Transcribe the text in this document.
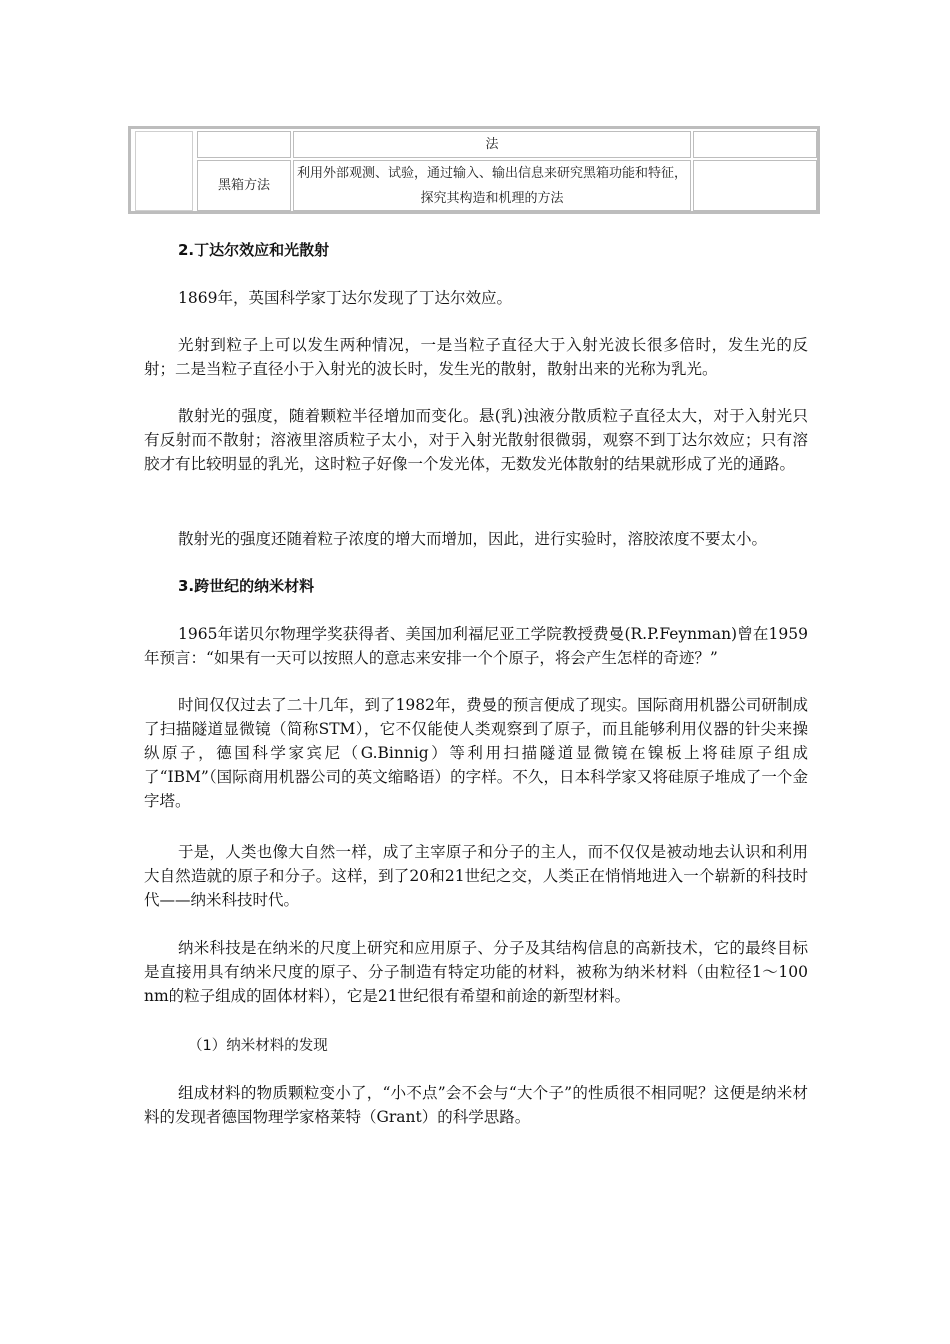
法
黑箱方法
利用外部观测、试验，通过输入、输出信息来研究黑箱功能和特征，探究其构造和机理的方法

2.丁达尔效应和光散射

1869年，英国科学家丁达尔发现了丁达尔效应。

光射到粒子上可以发生两种情况，一是当粒子直径大于入射光波长很多倍时，发生光的反射；二是当粒子直径小于入射光的波长时，发生光的散射，散射出来的光称为乳光。

散射光的强度，随着颗粒半径增加而变化。悬(乳)浊液分散质粒子直径太大，对于入射光只有反射而不散射；溶液里溶质粒子太小，对于入射光散射很微弱，观察不到丁达尔效应；只有溶胶才有比较明显的乳光，这时粒子好像一个发光体，无数发光体散射的结果就形成了光的通路。

散射光的强度还随着粒子浓度的增大而增加，因此，进行实验时，溶胶浓度不要太小。

3.跨世纪的纳米材料

1965年诺贝尔物理学奖获得者、美国加利福尼亚工学院教授费曼(R.P.Feynman)曾在1959年预言：“如果有一天可以按照人的意志来安排一个个原子，将会产生怎样的奇迹？”

时间仅仅过去了二十几年，到了1982年，费曼的预言便成了现实。国际商用机器公司研制成了扫描隧道显微镜（简称STM），它不仅能使人类观察到了原子，而且能够利用仪器的针尖来操纵原子，德国科学家宾尼（G.Binnig）等利用扫描隧道显微镜在镍板上将硅原子组成了“IBM”（国际商用机器公司的英文缩略语）的字样。不久，日本科学家又将硅原子堆成了一个金字塔。

于是，人类也像大自然一样，成了主宰原子和分子的主人，而不仅仅是被动地去认识和利用大自然造就的原子和分子。这样，到了20和21世纪之交，人类正在悄悄地进入一个崭新的科技时代——纳米科技时代。

纳米科技是在纳米的尺度上研究和应用原子、分子及其结构信息的高新技术，它的最终目标是直接用具有纳米尺度的原子、分子制造有特定功能的材料，被称为纳米材料（由粒径1～100 nm的粒子组成的固体材料），它是21世纪很有希望和前途的新型材料。

（1）纳米材料的发现

组成材料的物质颗粒变小了，“小不点”会不会与“大个子”的性质很不相同呢？这便是纳米材料的发现者德国物理学家格莱特（Grant）的科学思路。
